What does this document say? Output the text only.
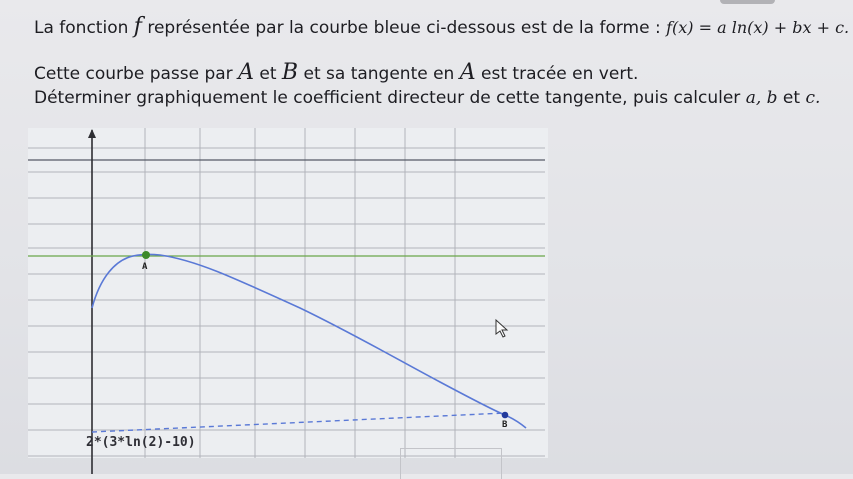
La fonction f représentée par la courbe bleue ci-dessous est de la forme : f(x) = a ln(x) + bx + c.
Cette courbe passe par A et B et sa tangente en A est tracée en vert.
Déterminer graphiquement le coefficient directeur de cette tangente, puis calculer a, b et c.
A
B
2*(3*ln(2)-10)
